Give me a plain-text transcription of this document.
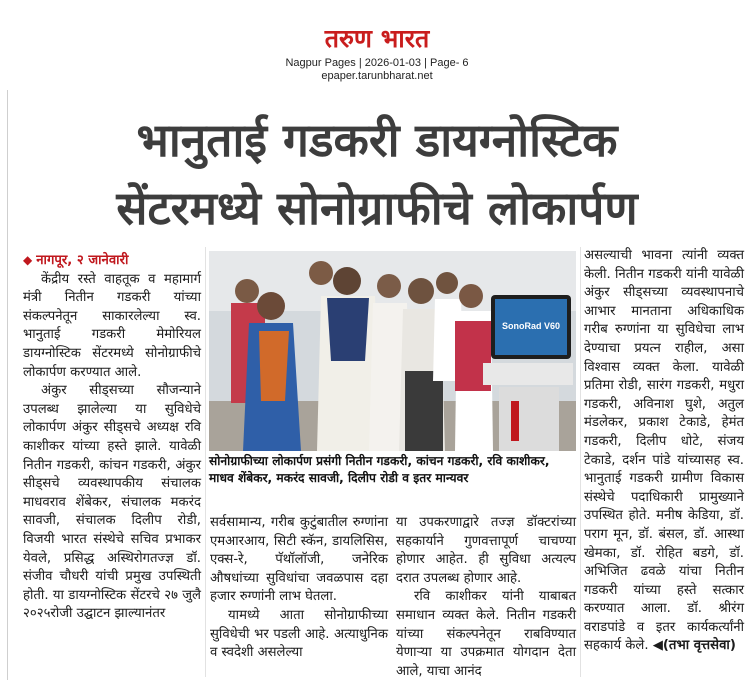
तरुण भारत
Nagpur Pages | 2026-01-03 | Page- 6
epaper.tarunbharat.net
भानुताई गडकरी डायग्नोस्टिक
सेंटरमध्ये सोनोग्राफीचे लोकार्पण

◆ नागपूर, २ जानेवारी

केंद्रीय रस्ते वाहतूक व महामार्ग मंत्री नितीन गडकरी यांच्या संकल्पनेतून साकारलेल्या स्व. भानुताई गडकरी मेमोरियल डायग्नोस्टिक सेंटरमध्ये सोनोग्राफीचे लोकार्पण करण्यात आले.

अंकुर सीड्सच्या सौजन्याने उपलब्ध झालेल्या या सुविधेचे लोकार्पण अंकुर सीड्सचे अध्यक्ष रवि काशीकर यांच्या हस्ते झाले. यावेळी नितीन गडकरी, कांचन गडकरी, अंकुर सीड्सचे व्यवस्थापकीय संचालक माधवराव शेंबेकर, संचालक मकरंद सावजी, संचालक दिलीप रोडी, विजयी भारत संस्थेचे सचिव प्रभाकर येवले, प्रसिद्ध अस्थिरोगतज्ज्ञ डॉ. संजीव चौधरी यांची प्रमुख उपस्थिती होती. या डायग्नोस्टिक सेंटरचे २७ जुलै २०२५रोजी उद्घाटन झाल्यानंतर

SonoRad V60
सोनोग्राफीच्या लोकार्पण प्रसंगी नितीन गडकरी, कांचन गडकरी, रवि काशीकर, माधव शेंबेकर, मकरंद सावजी, दिलीप रोडी व इतर मान्यवर

सर्वसामान्य, गरीब कुटुंबातील रुग्णांना एमआरआय, सिटी स्कॅन, डायलिसिस, एक्स-रे, पॅथॉलॉजी, जनेरिक औषधांच्या सुविधांचा जवळपास दहा हजार रुग्णांनी लाभ घेतला.

यामध्ये आता सोनोग्राफीच्या सुविधेची भर पडली आहे. अत्याधुनिक व स्वदेशी असलेल्या

या उपकरणाद्वारे तज्ज्ञ डॉक्टरांच्या सहकार्याने गुणवत्तापूर्ण चाचण्या होणार आहेत. ही सुविधा अत्यल्प दरात उपलब्ध होणार आहे.

रवि काशीकर यांनी याबाबत समाधान व्यक्त केले. नितीन गडकरी यांच्या संकल्पनेतून राबविण्यात येणाऱ्या या उपक्रमात योगदान देता आले, याचा आनंद

असल्याची भावना त्यांनी व्यक्त केली. नितीन गडकरी यांनी यावेळी अंकुर सीड्सच्या व्यवस्थापनाचे आभार मानताना अधिकाधिक गरीब रुग्णांना या सुविधेचा लाभ देण्याचा प्रयत्न राहील, असा विश्वास व्यक्त केला. यावेळी प्रतिमा रोडी, सारंग गडकरी, मधुरा गडकरी, अविनाश घुशे, अतुल मंडलेकर, प्रकाश टेकाडे, हेमंत गडकरी, दिलीप धोटे, संजय टेकाडे, दर्शन पांडे यांच्यासह स्व. भानुताई गडकरी ग्रामीण विकास संस्थेचे पदाधिकारी प्रामुख्याने उपस्थित होते. मनीष केडिया, डॉ. पराग मून, डॉ. बंसल, डॉ. आस्था खेमका, डॉ. रोहित बडगे, डॉ. अभिजित ढवळे यांचा नितीन गडकरी यांच्या हस्ते सत्कार करण्यात आला. डॉ. श्रीरंग वराडपांडे व इतर कार्यकर्त्यांनी सहकार्य केले. ◀(तभा वृत्तसेवा)
